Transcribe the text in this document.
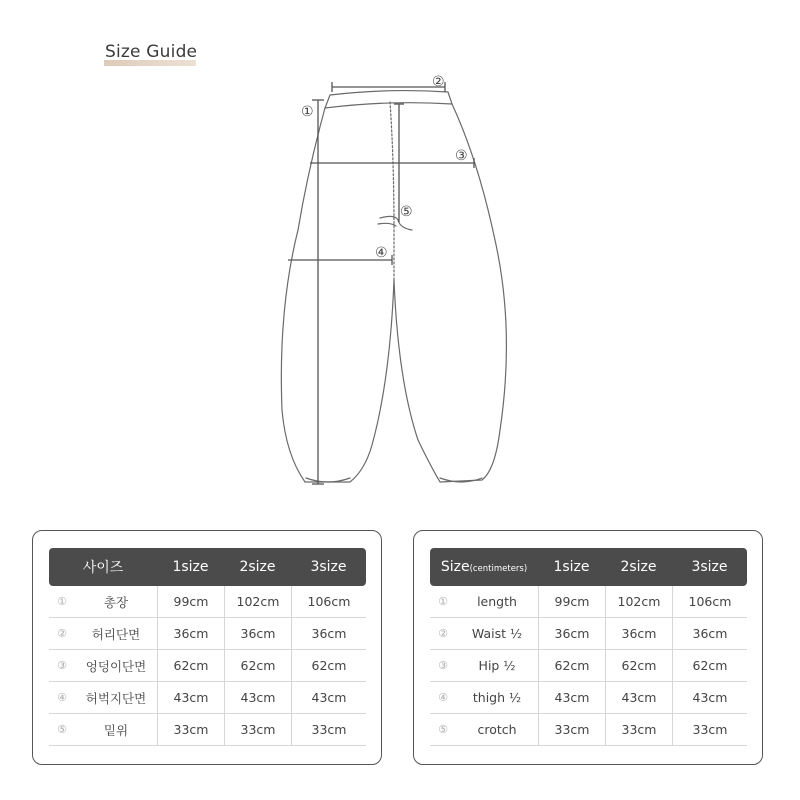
Size Guide
②
①
③
⑤
④
사이즈	1size	2size	3size
①	총장	99cm	102cm	106cm
②	허리단면	36cm	36cm	36cm
③	엉덩이단면	62cm	62cm	62cm
④	허벅지단면	43cm	43cm	43cm
⑤	밑위	33cm	33cm	33cm
Size(centimeters)	1size	2size	3size
①	length	99cm	102cm	106cm
②	Waist ½	36cm	36cm	36cm
③	Hip ½	62cm	62cm	62cm
④	thigh ½	43cm	43cm	43cm
⑤	crotch	33cm	33cm	33cm
